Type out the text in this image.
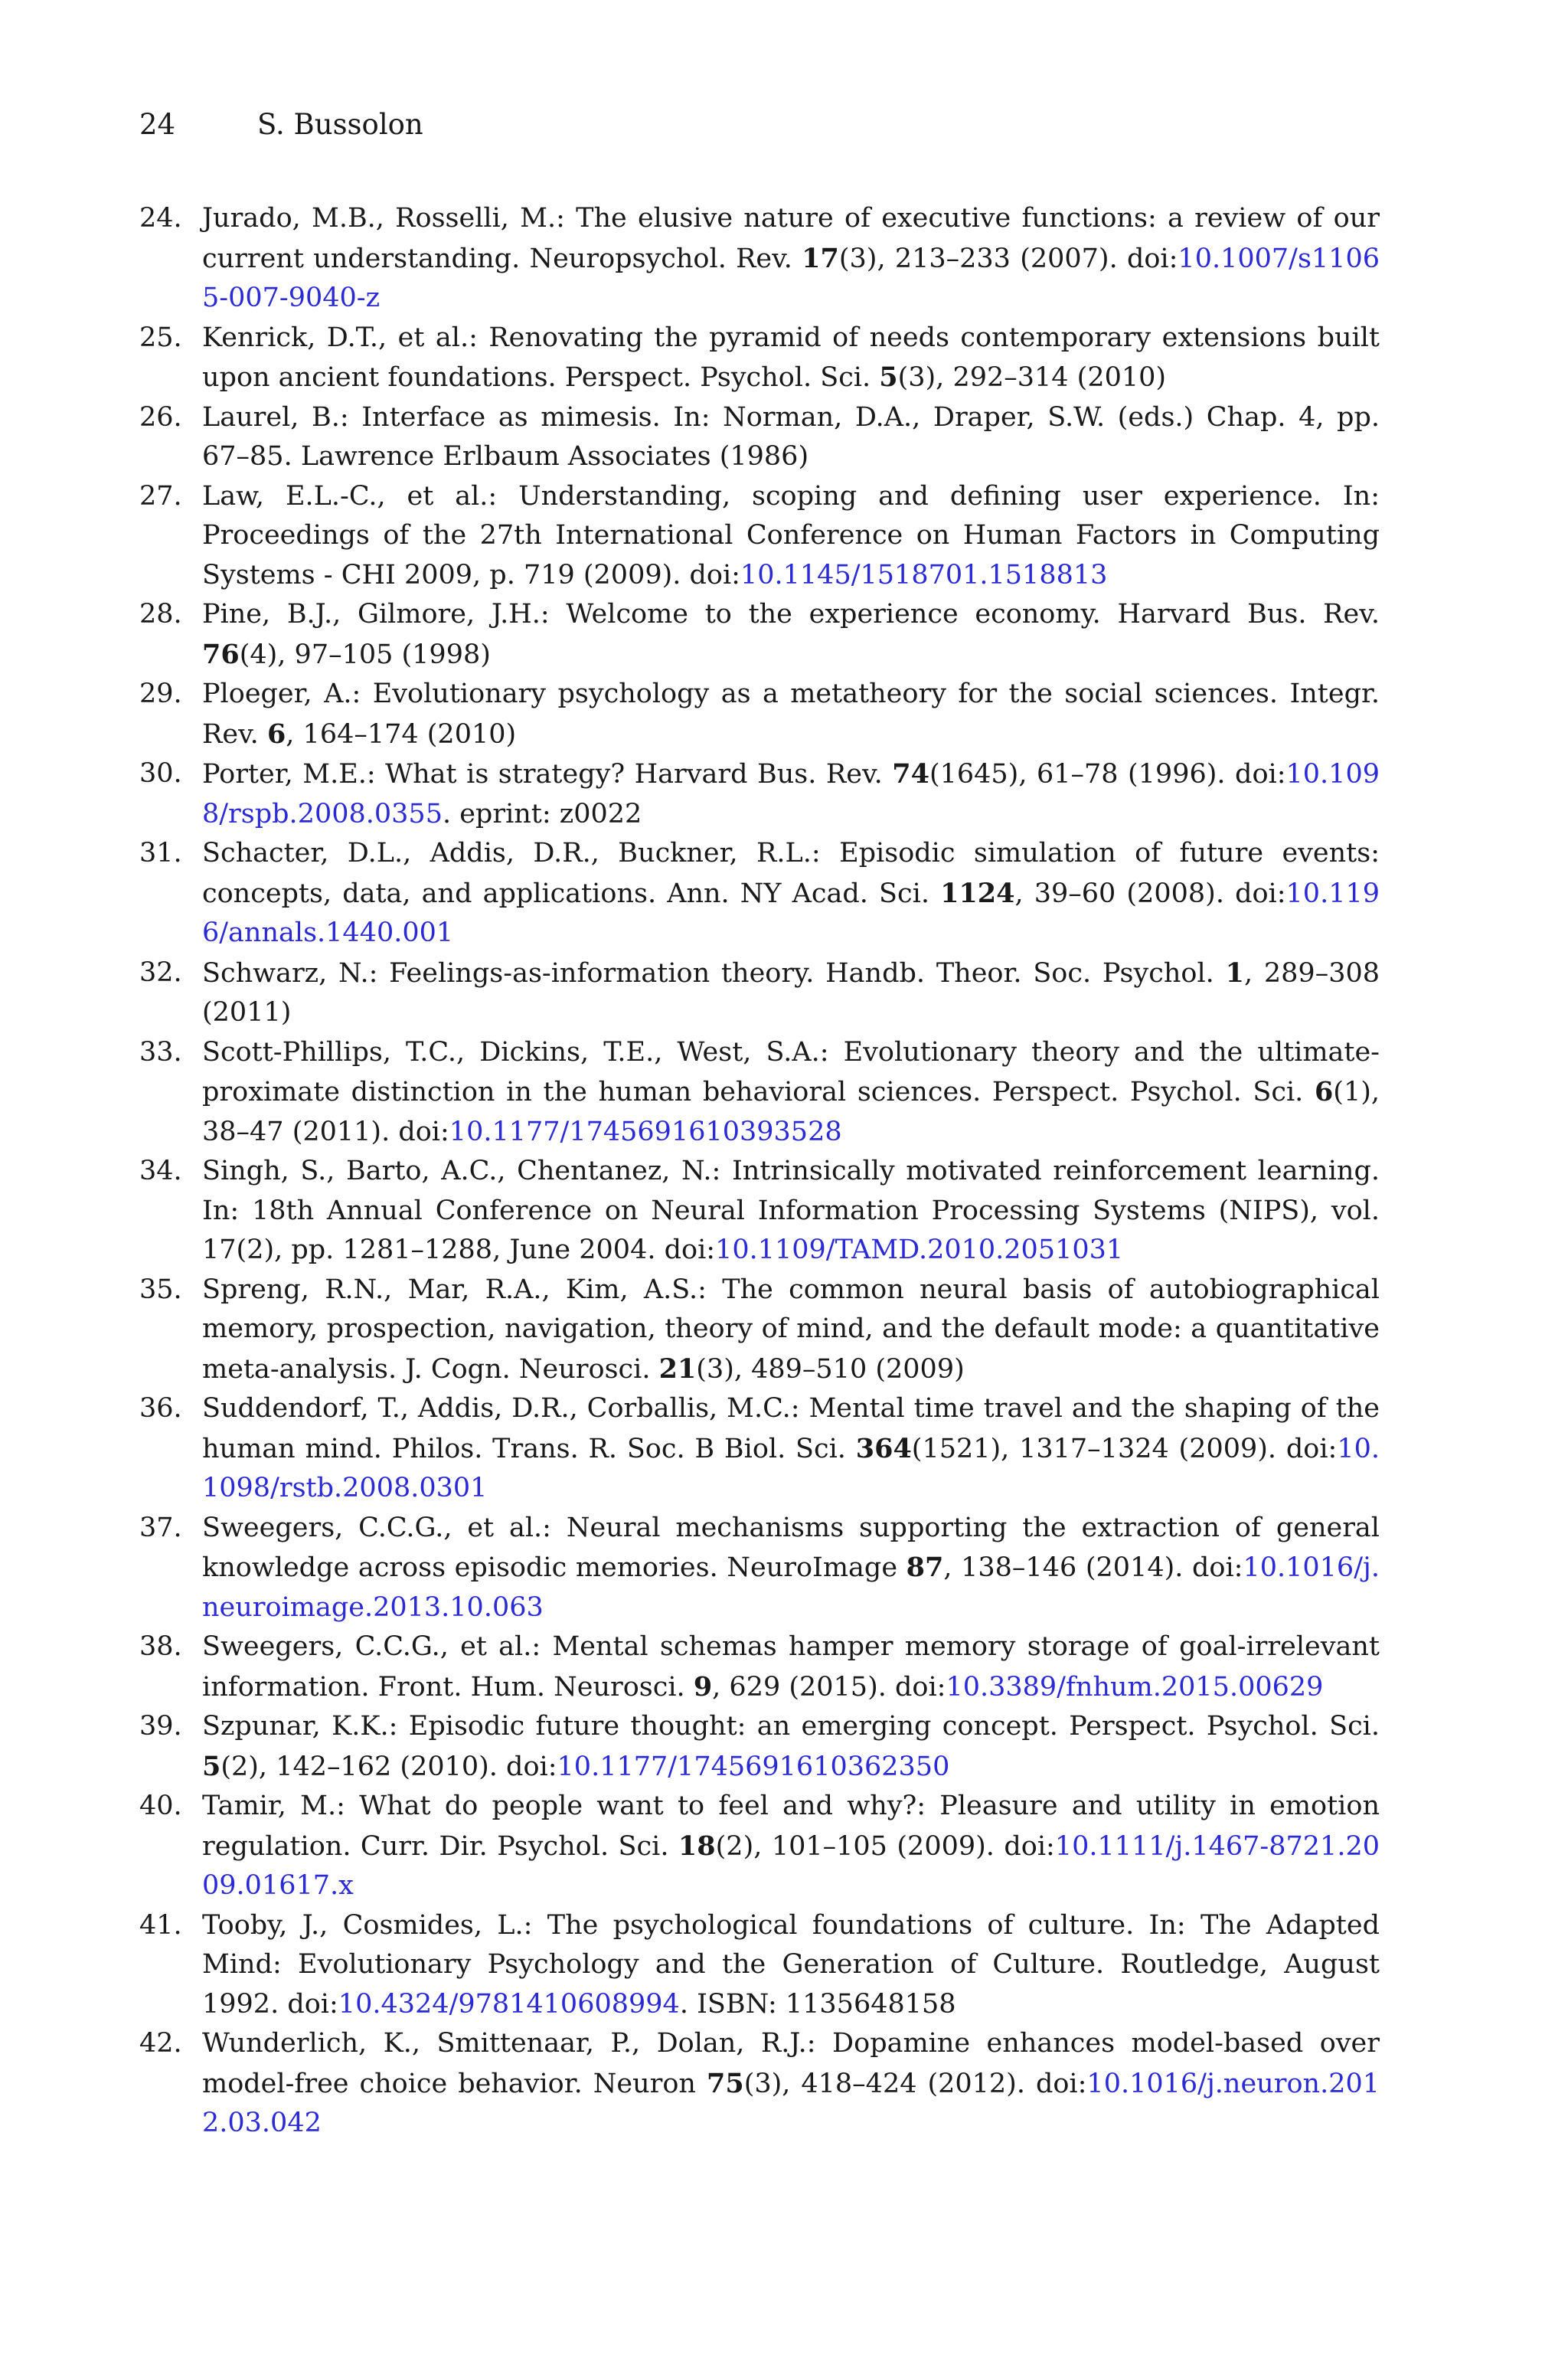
24	S. Bussolon
24. Jurado, M.B., Rosselli, M.: The elusive nature of executive functions: a review of our current understanding. Neuropsychol. Rev. 17(3), 213–233 (2007). doi:10.1007/s11065-007-9040-z
25. Kenrick, D.T., et al.: Renovating the pyramid of needs contemporary extensions built upon ancient foundations. Perspect. Psychol. Sci. 5(3), 292–314 (2010)
26. Laurel, B.: Interface as mimesis. In: Norman, D.A., Draper, S.W. (eds.) Chap. 4, pp. 67–85. Lawrence Erlbaum Associates (1986)
27. Law, E.L.-C., et al.: Understanding, scoping and defining user experience. In: Proceedings of the 27th International Conference on Human Factors in Computing Systems - CHI 2009, p. 719 (2009). doi:10.1145/1518701.1518813
28. Pine, B.J., Gilmore, J.H.: Welcome to the experience economy. Harvard Bus. Rev. 76(4), 97–105 (1998)
29. Ploeger, A.: Evolutionary psychology as a metatheory for the social sciences. Integr. Rev. 6, 164–174 (2010)
30. Porter, M.E.: What is strategy? Harvard Bus. Rev. 74(1645), 61–78 (1996). doi:10.1098/rspb.2008.0355. eprint: z0022
31. Schacter, D.L., Addis, D.R., Buckner, R.L.: Episodic simulation of future events: concepts, data, and applications. Ann. NY Acad. Sci. 1124, 39–60 (2008). doi:10.1196/annals.1440.001
32. Schwarz, N.: Feelings-as-information theory. Handb. Theor. Soc. Psychol. 1, 289–308 (2011)
33. Scott-Phillips, T.C., Dickins, T.E., West, S.A.: Evolutionary theory and the ultimate-proximate distinction in the human behavioral sciences. Perspect. Psychol. Sci. 6(1), 38–47 (2011). doi:10.1177/1745691610393528
34. Singh, S., Barto, A.C., Chentanez, N.: Intrinsically motivated reinforcement learning. In: 18th Annual Conference on Neural Information Processing Systems (NIPS), vol. 17(2), pp. 1281–1288, June 2004. doi:10.1109/TAMD.2010.2051031
35. Spreng, R.N., Mar, R.A., Kim, A.S.: The common neural basis of autobiographical memory, prospection, navigation, theory of mind, and the default mode: a quantitative meta-analysis. J. Cogn. Neurosci. 21(3), 489–510 (2009)
36. Suddendorf, T., Addis, D.R., Corballis, M.C.: Mental time travel and the shaping of the human mind. Philos. Trans. R. Soc. B Biol. Sci. 364(1521), 1317–1324 (2009). doi:10.1098/rstb.2008.0301
37. Sweegers, C.C.G., et al.: Neural mechanisms supporting the extraction of general knowledge across episodic memories. NeuroImage 87, 138–146 (2014). doi:10.1016/j.neuroimage.2013.10.063
38. Sweegers, C.C.G., et al.: Mental schemas hamper memory storage of goal-irrelevant information. Front. Hum. Neurosci. 9, 629 (2015). doi:10.3389/fnhum.2015.00629
39. Szpunar, K.K.: Episodic future thought: an emerging concept. Perspect. Psychol. Sci. 5(2), 142–162 (2010). doi:10.1177/1745691610362350
40. Tamir, M.: What do people want to feel and why?: Pleasure and utility in emotion regulation. Curr. Dir. Psychol. Sci. 18(2), 101–105 (2009). doi:10.1111/j.1467-8721.2009.01617.x
41. Tooby, J., Cosmides, L.: The psychological foundations of culture. In: The Adapted Mind: Evolutionary Psychology and the Generation of Culture. Routledge, August 1992. doi:10.4324/9781410608994. ISBN: 1135648158
42. Wunderlich, K., Smittenaar, P., Dolan, R.J.: Dopamine enhances model-based over model-free choice behavior. Neuron 75(3), 418–424 (2012). doi:10.1016/j.neuron.2012.03.042
